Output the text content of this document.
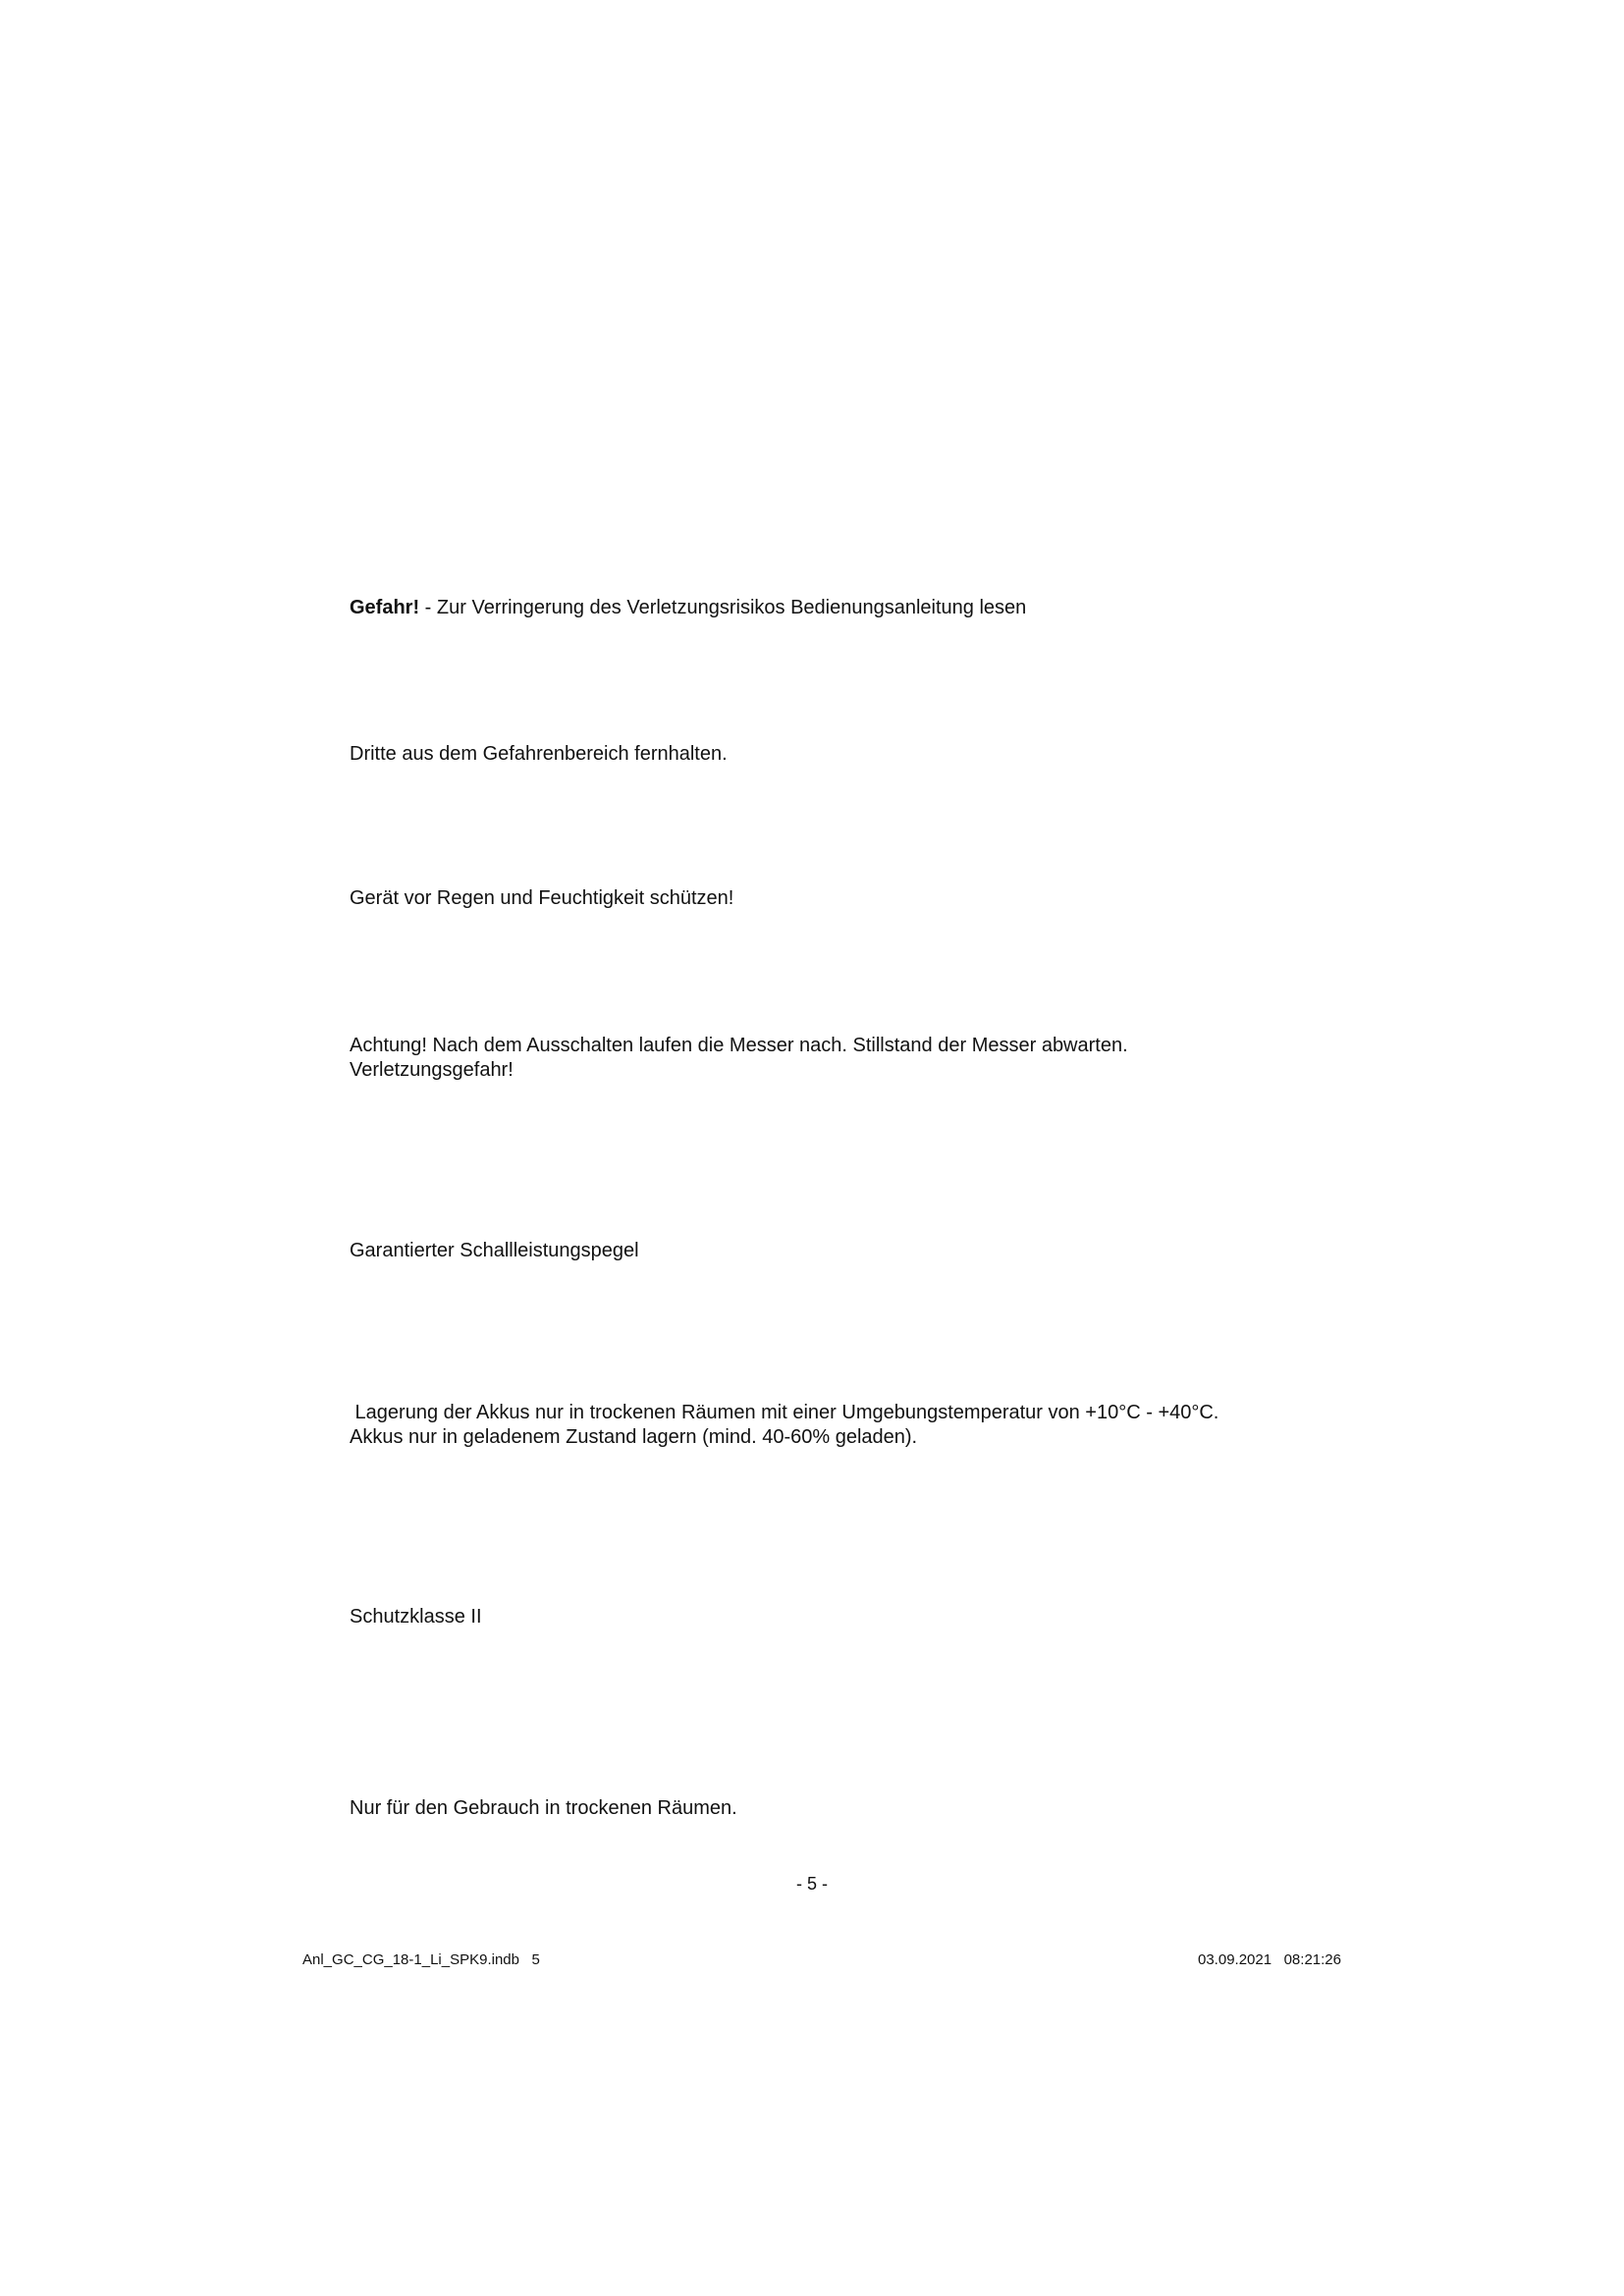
Gefahr! - Zur Verringerung des Verletzungsrisikos Bedienungsanleitung lesen

Dritte aus dem Gefahrenbereich fernhalten.

Gerät vor Regen und Feuchtigkeit schützen!

Achtung! Nach dem Ausschalten laufen die Messer nach. Stillstand der Messer abwarten.
Verletzungsgefahr!

Garantierter Schallleistungspegel

Lagerung der Akkus nur in trockenen Räumen mit einer Umgebungstemperatur von +10°C - +40°C.
Akkus nur in geladenem Zustand lagern (mind. 40-60% geladen).

Schutzklasse II

Nur für den Gebrauch in trockenen Räumen.

- 5 -
Anl_GC_CG_18-1_Li_SPK9.indb   5	03.09.2021 08:21:26
